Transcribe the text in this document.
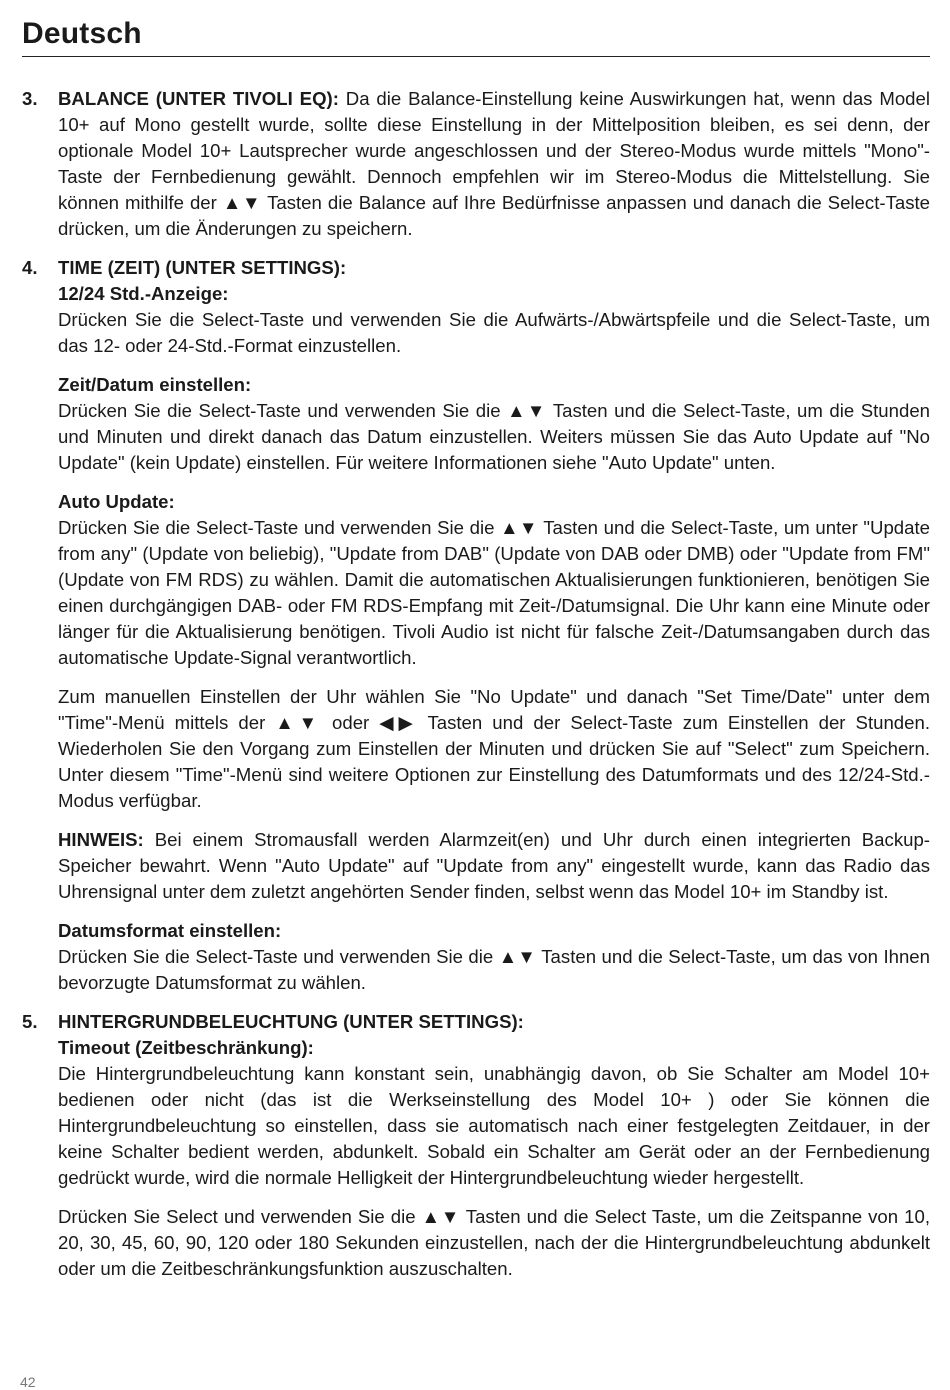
Deutsch
3.	BALANCE (UNTER TIVOLI EQ): Da die Balance-Einstellung keine Auswirkungen hat, wenn das Model 10+ auf Mono gestellt wurde, sollte diese Einstellung in der Mittelposition bleiben, es sei denn, der optionale Model 10+ Lautsprecher wurde angeschlossen und der Stereo-Modus wurde mittels "Mono"-Taste der Fernbedienung gewählt. Dennoch empfehlen wir im Stereo-Modus die Mittelstellung. Sie können mithilfe der ▲▼ Tasten die Balance auf Ihre Bedürfnisse anpassen und danach die Select-Taste drücken, um die Änderungen zu speichern.

4.	TIME (ZEIT) (UNTER SETTINGS):
12/24 Std.-Anzeige:

Drücken Sie die Select-Taste und verwenden Sie die Aufwärts-/Abwärtspfeile und die Select-Taste, um das 12- oder 24-Std.-Format einzustellen.

Zeit/Datum einstellen:

Drücken Sie die Select-Taste und verwenden Sie die ▲▼ Tasten und die Select-Taste, um die Stunden und Minuten und direkt danach das Datum einzustellen. Weiters müssen Sie das Auto Update auf "No Update" (kein Update) einstellen. Für weitere Informationen siehe "Auto Update" unten.

Auto Update:

Drücken Sie die Select-Taste und verwenden Sie die ▲▼ Tasten und die Select-Taste, um unter "Update from any" (Update von beliebig), "Update from DAB" (Update von DAB oder DMB) oder "Update from FM" (Update von FM RDS) zu wählen. Damit die automatischen Aktualisierungen funktionieren, benötigen Sie einen durchgängigen DAB- oder FM RDS-Empfang mit Zeit-/Datumsignal. Die Uhr kann eine Minute oder länger für die Aktualisierung benötigen. Tivoli Audio ist nicht für falsche Zeit-/Datumsangaben durch das automatische Update-Signal verantwortlich.

Zum manuellen Einstellen der Uhr wählen Sie "No Update" und danach "Set Time/Date" unter dem "Time"-Menü mittels der ▲▼ oder ◀▶ Tasten und der Select-Taste zum Einstellen der Stunden. Wiederholen Sie den Vorgang zum Einstellen der Minuten und drücken Sie auf "Select" zum Speichern. Unter diesem "Time"-Menü sind weitere Optionen zur Einstellung des Datumformats und des 12/24-Std.-Modus verfügbar.

HINWEIS: Bei einem Stromausfall werden Alarmzeit(en) und Uhr durch einen integrierten Backup-Speicher bewahrt. Wenn "Auto Update" auf "Update from any" eingestellt wurde, kann das Radio das Uhrensignal unter dem zuletzt angehörten Sender finden, selbst wenn das Model 10+ im Standby ist.

Datumsformat einstellen:

Drücken Sie die Select-Taste und verwenden Sie die ▲▼ Tasten und die Select-Taste, um das von Ihnen bevorzugte Datumsformat zu wählen.

5.	HINTERGRUNDBELEUCHTUNG (UNTER SETTINGS):
Timeout (Zeitbeschränkung):

Die Hintergrundbeleuchtung kann konstant sein, unabhängig davon, ob Sie Schalter am Model 10+ bedienen oder nicht (das ist die Werkseinstellung des Model 10+ ) oder Sie können die Hintergrundbeleuchtung so einstellen, dass sie automatisch nach einer festgelegten Zeitdauer, in der keine Schalter bedient werden, abdunkelt. Sobald ein Schalter am Gerät oder an der Fernbedienung gedrückt wurde, wird die normale Helligkeit der Hintergrundbeleuchtung wieder hergestellt.

Drücken Sie Select und verwenden Sie die ▲▼ Tasten und die Select Taste, um die Zeitspanne von 10, 20, 30, 45, 60, 90, 120 oder 180 Sekunden einzustellen, nach der die Hintergrundbeleuchtung abdunkelt oder um die Zeitbeschränkungsfunktion auszuschalten.

42
